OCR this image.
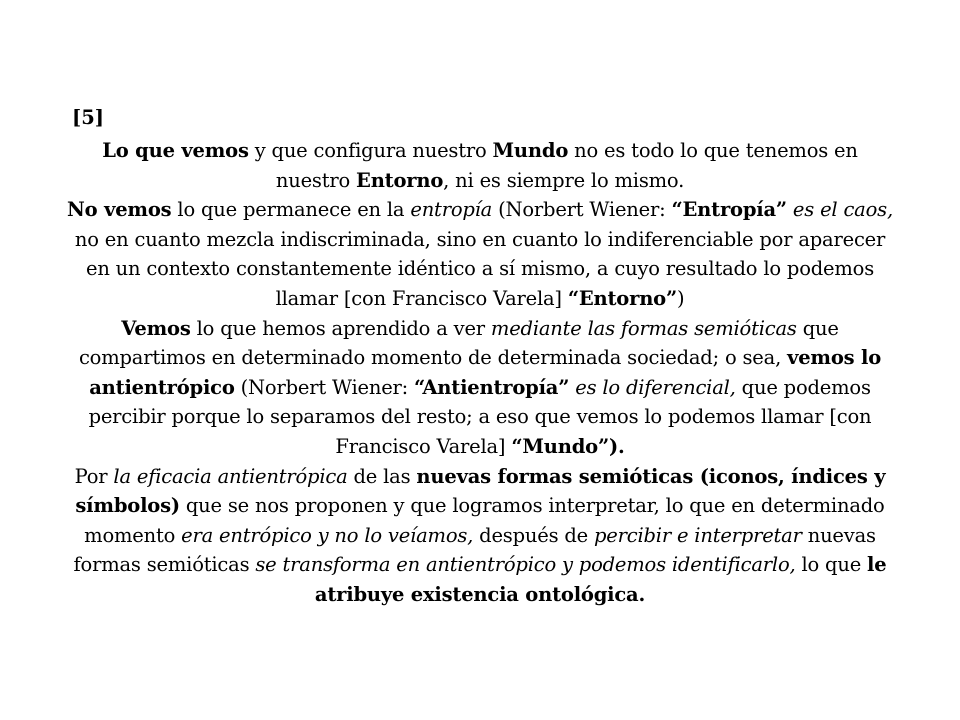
[5]
Lo que vemos y que configura nuestro Mundo no es todo lo que tenemos en nuestro Entorno, ni es siempre lo mismo.
No vemos lo que permanece en la entropía (Norbert Wiener: “Entropía” es el caos, no en cuanto mezcla indiscriminada, sino en cuanto lo indiferenciable por aparecer en un contexto constantemente idéntico a sí mismo, a cuyo resultado lo podemos llamar [con Francisco Varela] “Entorno”)
Vemos lo que hemos aprendido a ver mediante las formas semióticas que compartimos en determinado momento de determinada sociedad; o sea, vemos lo antientrópico (Norbert Wiener: “Antientropía” es lo diferencial, que podemos percibir porque lo separamos del resto; a eso que vemos lo podemos llamar [con Francisco Varela] “Mundo”).
Por la eficacia antientrópica de las nuevas formas semióticas (iconos, índices y símbolos) que se nos proponen y que logramos interpretar, lo que en determinado momento era entrópico y no lo veíamos, después de percibir e interpretar nuevas formas semióticas se transforma en antientrópico y podemos identificarlo, lo que le atribuye existencia ontológica.
